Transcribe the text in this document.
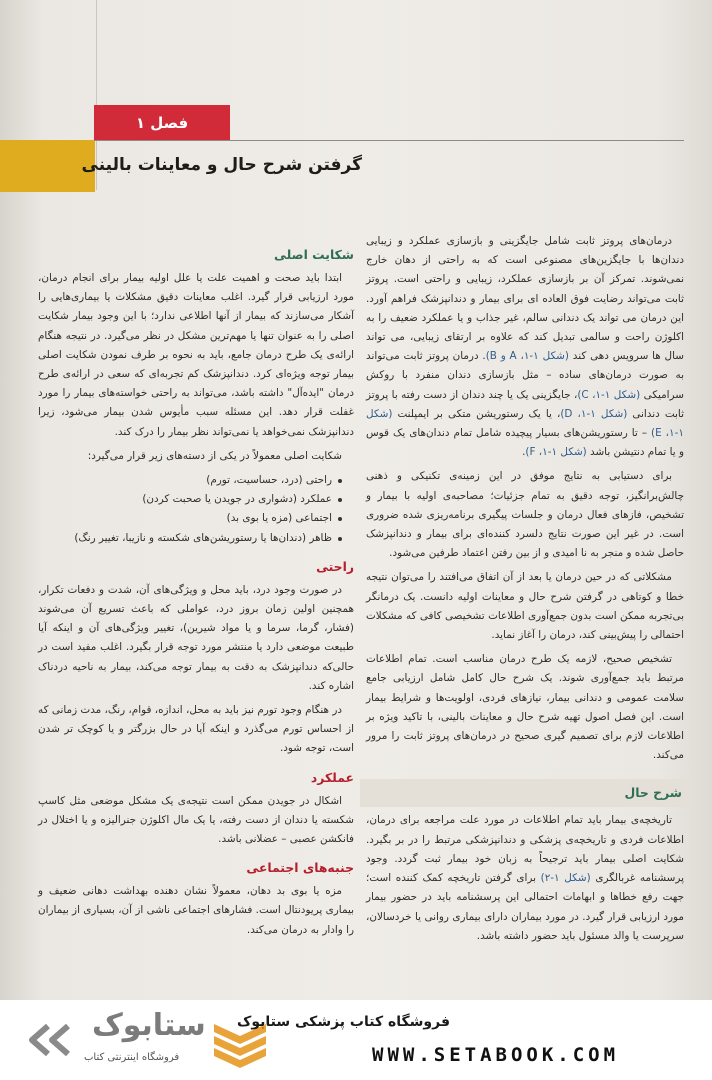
فصل ۱
گرفتن شرح حال و معاینات بالینی

درمان‌های پروتز ثابت شامل جایگزینی و بازسازی عملکرد و زیبایی دندان‌ها با جایگزین‌های مصنوعی است که به راحتی از دهان خارج نمی‌شوند. تمرکز آن بر بازسازی عملکرد، زیبایی و راحتی است. پروتز ثابت می‌تواند رضایت فوق العاده ای برای بیمار و دندانپزشک فراهم آورد. این درمان می تواند یک دندانی سالم، غیر جذاب و یا عملکرد ضعیف را به اکلوژن راحت و سالمی تبدیل کند که علاوه بر ارتقای زیبایی، می تواند سال ها سرویس دهی کند (شکل ۱-۱، A و B). درمان پروتز ثابت می‌تواند به صورت درمان‌های ساده – مثل بازسازی دندان منفرد با روکش سرامیکی (شکل ۱-۱، C)، جایگزینی یک یا چند دندان از دست رفته با پروتز ثابت دندانی (شکل ۱-۱، D)، یا یک رستوریشن متکی بر ایمپلنت (شکل ۱-۱، E) – تا رستوریشن‌های بسیار پیچیده شامل تمام دندان‌های یک قوس و یا تمام دنتیشن باشد (شکل ۱-۱، F).

برای دستیابی به نتایج موفق در این زمینه‌ی تکنیکی و ذهنی چالش‌برانگیز، توجه دقیق به تمام جزئیات؛ مصاحبه‌ی اولیه با بیمار و تشخیص، فازهای فعال درمان و جلسات پیگیری برنامه‌ریزی شده ضروری است. در غیر این صورت نتایج دلسرد کننده‌ای برای بیمار و دندانپزشک حاصل شده و منجر به نا امیدی و از بین رفتن اعتماد طرفین می‌شود.

مشکلاتی که در حین درمان یا بعد از آن اتفاق می‌افتند را می‌توان نتیجه خطا و کوتاهی در گرفتن شرح حال و معاینات اولیه دانست. یک درمانگر بی‌تجربه ممکن است بدون جمع‌آوری اطلاعات تشخیصی کافی که مشکلات احتمالی را پیش‌بینی کند، درمان را آغاز نماید.

تشخیص صحیح، لازمه یک طرح درمان مناسب است. تمام اطلاعات مرتبط باید جمع‌آوری شوند. یک شرح حال کامل شامل ارزیابی جامع سلامت عمومی و دندانی بیمار، نیازهای فردی، اولویت‌ها و شرایط بیمار است. این فصل اصول تهیه شرح حال و معاینات بالینی، با تاکید ویژه بر اطلاعات لازم برای تصمیم گیری صحیح در درمان‌های پروتز ثابت را مرور می‌کند.

شرح حال

تاریخچه‌ی بیمار باید تمام اطلاعات در مورد علت مراجعه برای درمان، اطلاعات فردی و تاریخچه‌ی پزشکی و دندانپزشکی مرتبط را در بر بگیرد. شکایت اصلی بیمار باید ترجیحاً به زبان خود بیمار ثبت گردد. وجود پرسشنامه غربالگری (شکل ۱-۲) برای گرفتن تاریخچه کمک کننده است؛ جهت رفع خطاها و ابهامات احتمالی این پرسشنامه باید در حضور بیمار مورد ارزیابی قرار گیرد. در مورد بیماران دارای بیماری روانی یا خردسالان، سرپرست یا والد مسئول باید حضور داشته باشد.

شکایت اصلی

ابتدا باید صحت و اهمیت علت یا علل اولیه بیمار برای انجام درمان، مورد ارزیابی قرار گیرد. اغلب معاینات دقیق مشکلات یا بیماری‌هایی را آشکار می‌سازند که بیمار از آنها اطلاعی ندارد؛ با این وجود بیمار شکایت اصلی را به عنوان تنها یا مهم‌ترین مشکل در نظر می‌گیرد. در نتیجه هنگام ارائه‌ی یک طرح درمان جامع، باید به نحوه بر طرف نمودن شکایت اصلی بیمار توجه ویژه‌ای کرد. دندانپزشک کم تجربه‌ای که سعی در ارائه‌ی طرح درمان "ایده‌آل" داشته باشد، می‌تواند به راحتی خواسته‌های بیمار را مورد غفلت قرار دهد. این مسئله سبب مأیوس شدن بیمار می‌شود، زیرا دندانپزشک نمی‌خواهد یا نمی‌تواند نظر بیمار را درک کند.

شکایت اصلی معمولاً در یکی از دسته‌های زیر قرار می‌گیرد:

راحتی (درد، حساسیت، تورم)
عملکرد (دشواری در جویدن یا صحبت کردن)
اجتماعی (مزه یا بوی بد)
ظاهر (دندان‌ها یا رستوریشن‌های شکسته و نازیبا، تغییر رنگ)
راحتی

در صورت وجود درد، باید محل و ویژگی‌های آن، شدت و دفعات تکرار، همچنین اولین زمان بروز درد، عواملی که باعث تسریع آن می‌شوند (فشار، گرما، سرما و یا مواد شیرین)، تغییر ویژگی‌های آن و اینکه آیا طبیعت موضعی دارد یا منتشر مورد توجه قرار بگیرد. اغلب مفید است در حالی‌که دندانپزشک به دقت به بیمار توجه می‌کند، بیمار به ناحیه دردناک اشاره کند.

در هنگام وجود تورم نیز باید به محل، اندازه، قوام، رنگ، مدت زمانی که از احساس تورم می‌گذرد و اینکه آیا در حال بزرگتر و یا کوچک تر شدن است، توجه شود.

عملکرد

اشکال در جویدن ممکن است نتیجه‌ی یک مشکل موضعی مثل کاسپ شکسته یا دندان از دست رفته، یا یک مال اکلوژن جنرالیزه و یا اختلال در فانکشن عصبی – عضلانی باشد.

جنبه‌های اجتماعی

مزه یا بوی بد دهان، معمولاً نشان دهنده بهداشت دهانی ضعیف و بیماری پریودنتال است. فشارهای اجتماعی ناشی از آن، بسیاری از بیماران را وادار به درمان می‌کند.

ستابوک
فروشگاه اینترنتی کتاب
فروشگاه کتاب پزشکی ستابوک
WWW.SETABOOK.COM
